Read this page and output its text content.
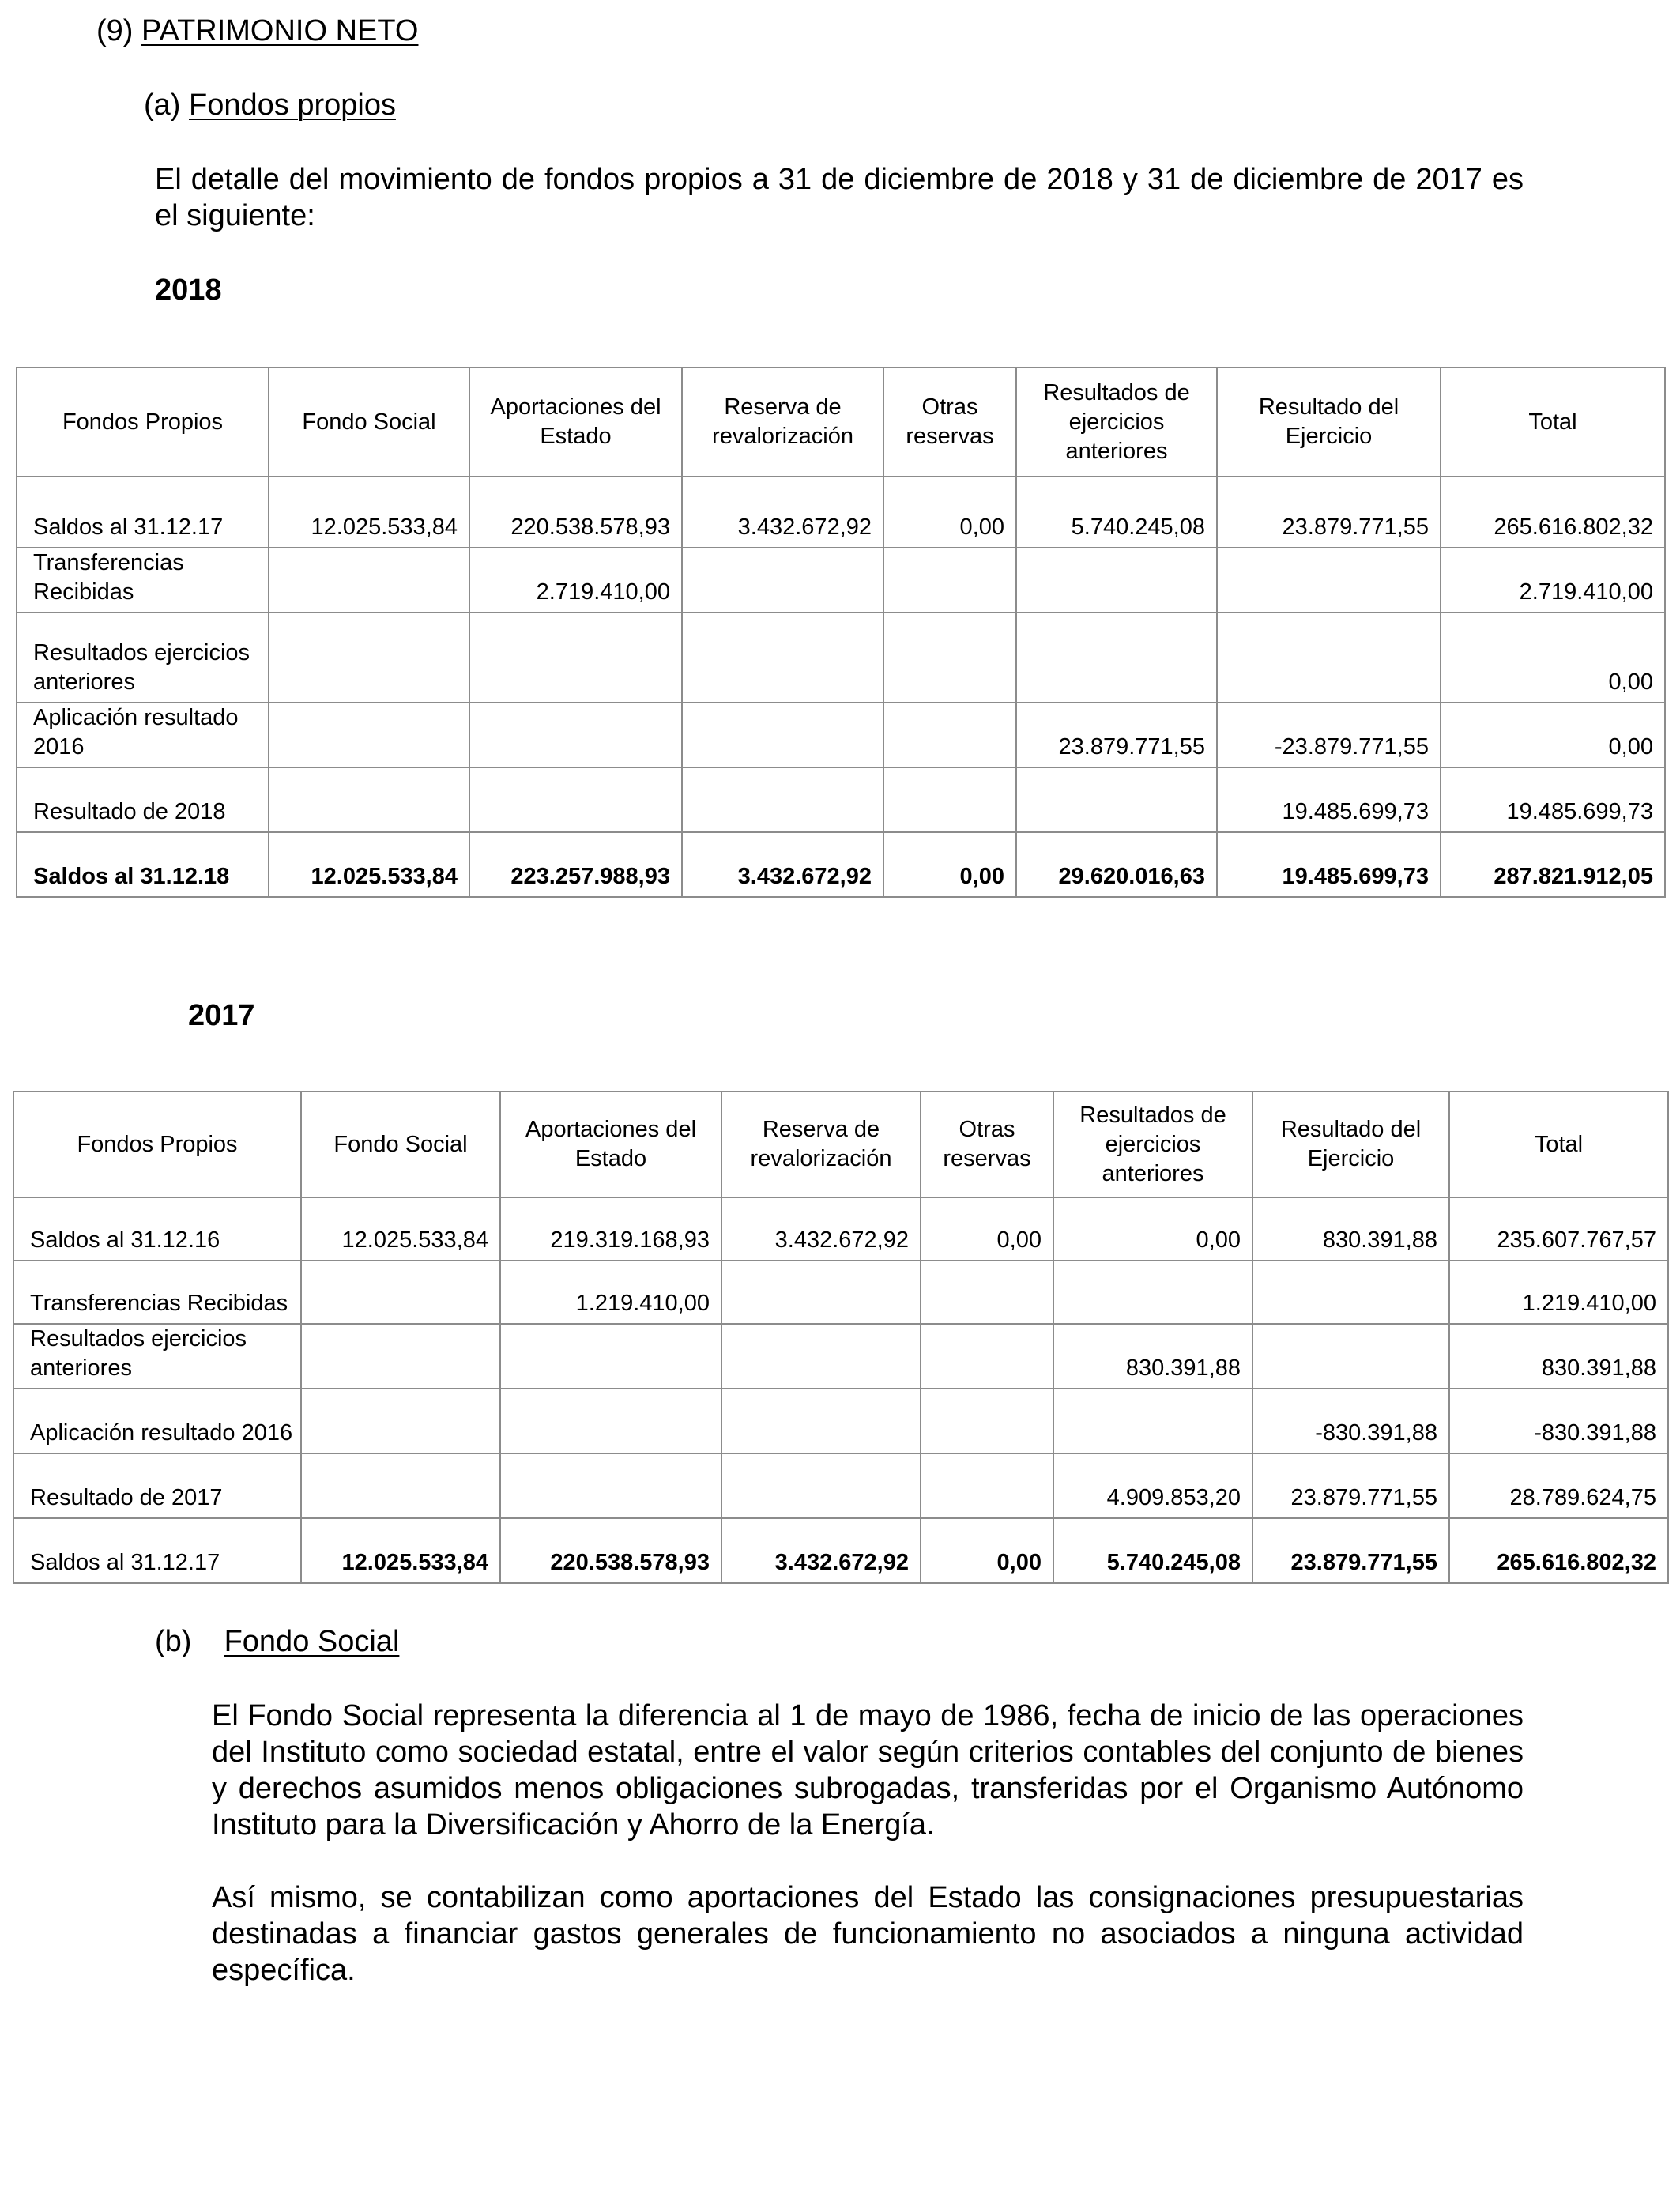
(9) PATRIMONIO NETO
(a) Fondos propios
El detalle del movimiento de fondos propios a 31 de diciembre de 2018 y 31 de diciembre de 2017 es el siguiente:
2018
Fondos Propios	Fondo Social	Aportaciones del Estado	Reserva de revalorización	Otras reservas	Resultados de ejercicios anteriores	Resultado del Ejercicio	Total
Saldos al 31.12.17	12.025.533,84	220.538.578,93	3.432.672,92	0,00	5.740.245,08	23.879.771,55	265.616.802,32
Transferencias Recibidas		2.719.410,00					2.719.410,00
Resultados ejercicios anteriores							0,00
Aplicación resultado 2016					23.879.771,55	-23.879.771,55	0,00
Resultado de 2018						19.485.699,73	19.485.699,73
Saldos al 31.12.18	12.025.533,84	223.257.988,93	3.432.672,92	0,00	29.620.016,63	19.485.699,73	287.821.912,05
2017
Fondos Propios	Fondo Social	Aportaciones del Estado	Reserva de revalorización	Otras reservas	Resultados de ejercicios anteriores	Resultado del Ejercicio	Total
Saldos al 31.12.16	12.025.533,84	219.319.168,93	3.432.672,92	0,00	0,00	830.391,88	235.607.767,57
Transferencias Recibidas		1.219.410,00					1.219.410,00
Resultados ejercicios anteriores					830.391,88		830.391,88
Aplicación resultado 2016						-830.391,88	-830.391,88
Resultado de 2017					4.909.853,20	23.879.771,55	28.789.624,75
Saldos al 31.12.17	12.025.533,84	220.538.578,93	3.432.672,92	0,00	5.740.245,08	23.879.771,55	265.616.802,32
(b) Fondo Social
El Fondo Social representa la diferencia al 1 de mayo de 1986, fecha de inicio de las operaciones del Instituto como sociedad estatal, entre el valor según criterios contables del conjunto de bienes y derechos asumidos menos obligaciones subrogadas, transferidas por el Organismo Autónomo Instituto para la Diversificación y Ahorro de la Energía.
Así mismo, se contabilizan como aportaciones del Estado las consignaciones presupuestarias destinadas a financiar gastos generales de funcionamiento no asociados a ninguna actividad específica.
